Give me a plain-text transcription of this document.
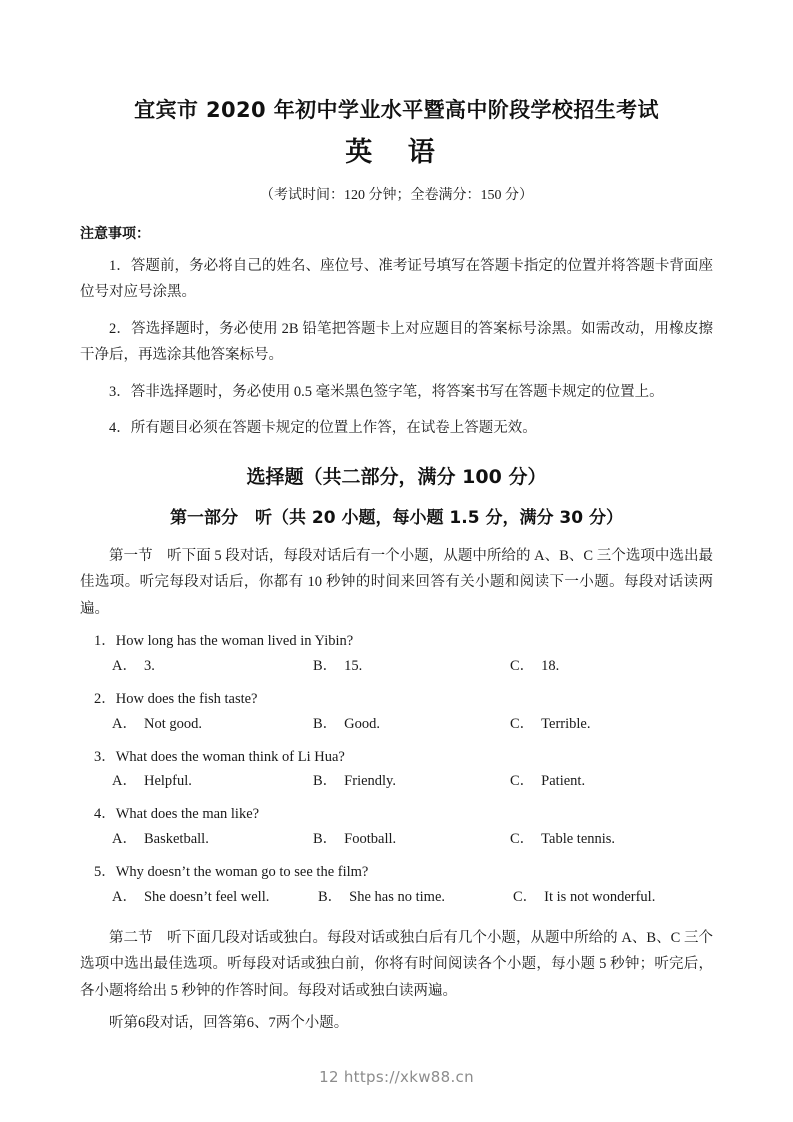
宜宾市 2020 年初中学业水平暨高中阶段学校招生考试
英 语

（考试时间：120 分钟；全卷满分：150 分）

注意事项：

1．答题前，务必将自己的姓名、座位号、准考证号填写在答题卡指定的位置并将答题卡背面座位号对应号涂黑。

2．答选择题时，务必使用 2B 铅笔把答题卡上对应题目的答案标号涂黑。如需改动，用橡皮擦干净后，再选涂其他答案标号。

3．答非选择题时，务必使用 0.5 毫米黑色签字笔，将答案书写在答题卡规定的位置上。

4．所有题目必须在答题卡规定的位置上作答，在试卷上答题无效。

选择题（共二部分，满分 100 分）

第一部分　听（共 20 小题，每小题 1.5 分，满分 30 分）

第一节　听下面 5 段对话，每段对话后有一个小题，从题中所给的 A、B、C 三个选项中选出最佳选项。听完每段对话后，你都有 10 秒钟的时间来回答有关小题和阅读下一小题。每段对话读两遍。

1．How long has the woman lived in Yibin?
A． 3.	B． 15.	C． 18.
2．How does the fish taste?
A． Not good.	B． Good.	C． Terrible.
3．What does the woman think of Li Hua?
A． Helpful.	B． Friendly.	C． Patient.
4．What does the man like?
A． Basketball.	B． Football.	C． Table tennis.
5．Why doesn’t the woman go to see the film?
A． She doesn’t feel well.	B． She has no time.	C． It is not wonderful.

第二节　听下面几段对话或独白。每段对话或独白后有几个小题，从题中所给的 A、B、C 三个选项中选出最佳选项。听每段对话或独白前，你将有时间阅读各个小题，每小题 5 秒钟；听完后，各小题将给出 5 秒钟的作答时间。每段对话或独白读两遍。

听第6段对话，回答第6、7两个小题。

12 https://xkw88.cn
